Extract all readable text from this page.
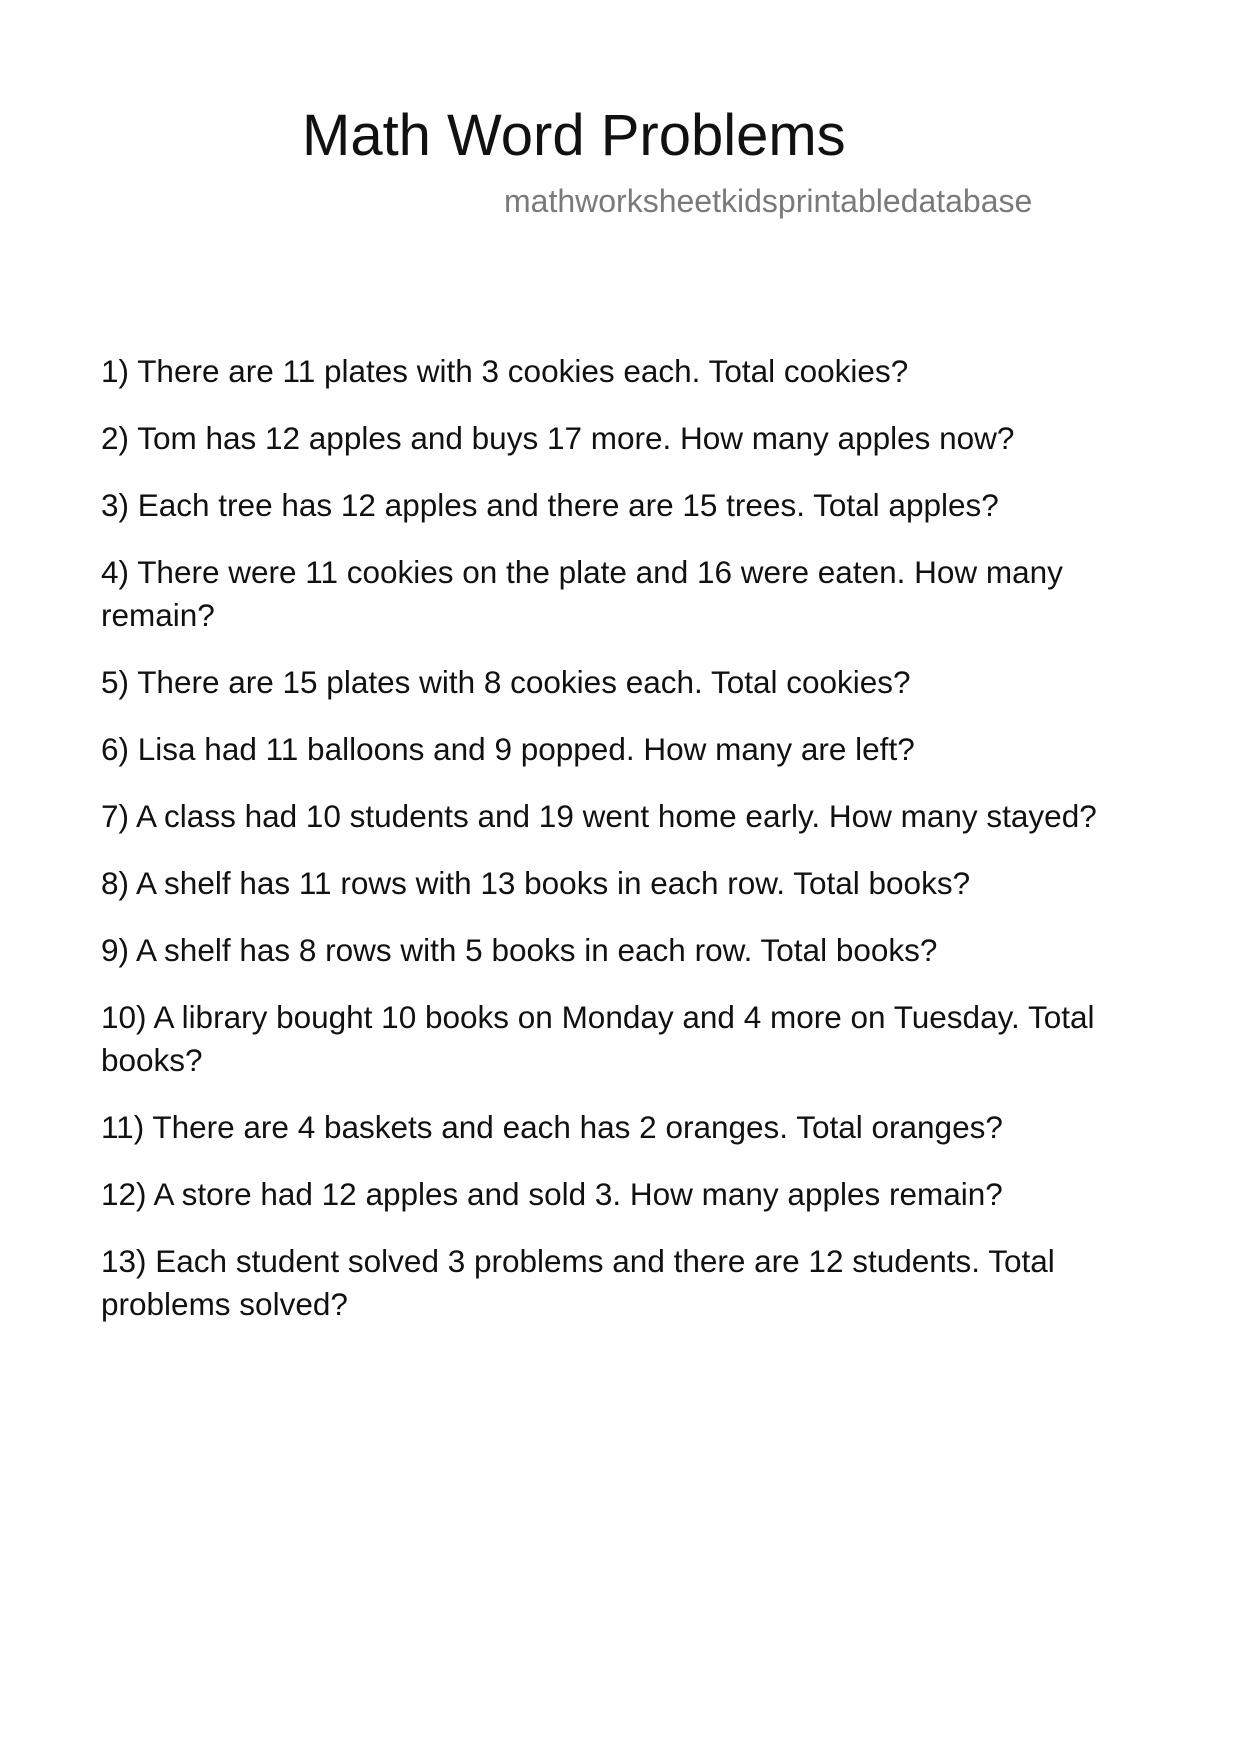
Math Word Problems
mathworksheetkidsprintabledatabase
1) There are 11 plates with 3 cookies each. Total cookies?
2) Tom has 12 apples and buys 17 more. How many apples now?
3) Each tree has 12 apples and there are 15 trees. Total apples?
4) There were 11 cookies on the plate and 16 were eaten. How many remain?
5) There are 15 plates with 8 cookies each. Total cookies?
6) Lisa had 11 balloons and 9 popped. How many are left?
7) A class had 10 students and 19 went home early. How many stayed?
8) A shelf has 11 rows with 13 books in each row. Total books?
9) A shelf has 8 rows with 5 books in each row. Total books?
10) A library bought 10 books on Monday and 4 more on Tuesday. Total books?
11) There are 4 baskets and each has 2 oranges. Total oranges?
12) A store had 12 apples and sold 3. How many apples remain?
13) Each student solved 3 problems and there are 12 students. Total problems solved?
